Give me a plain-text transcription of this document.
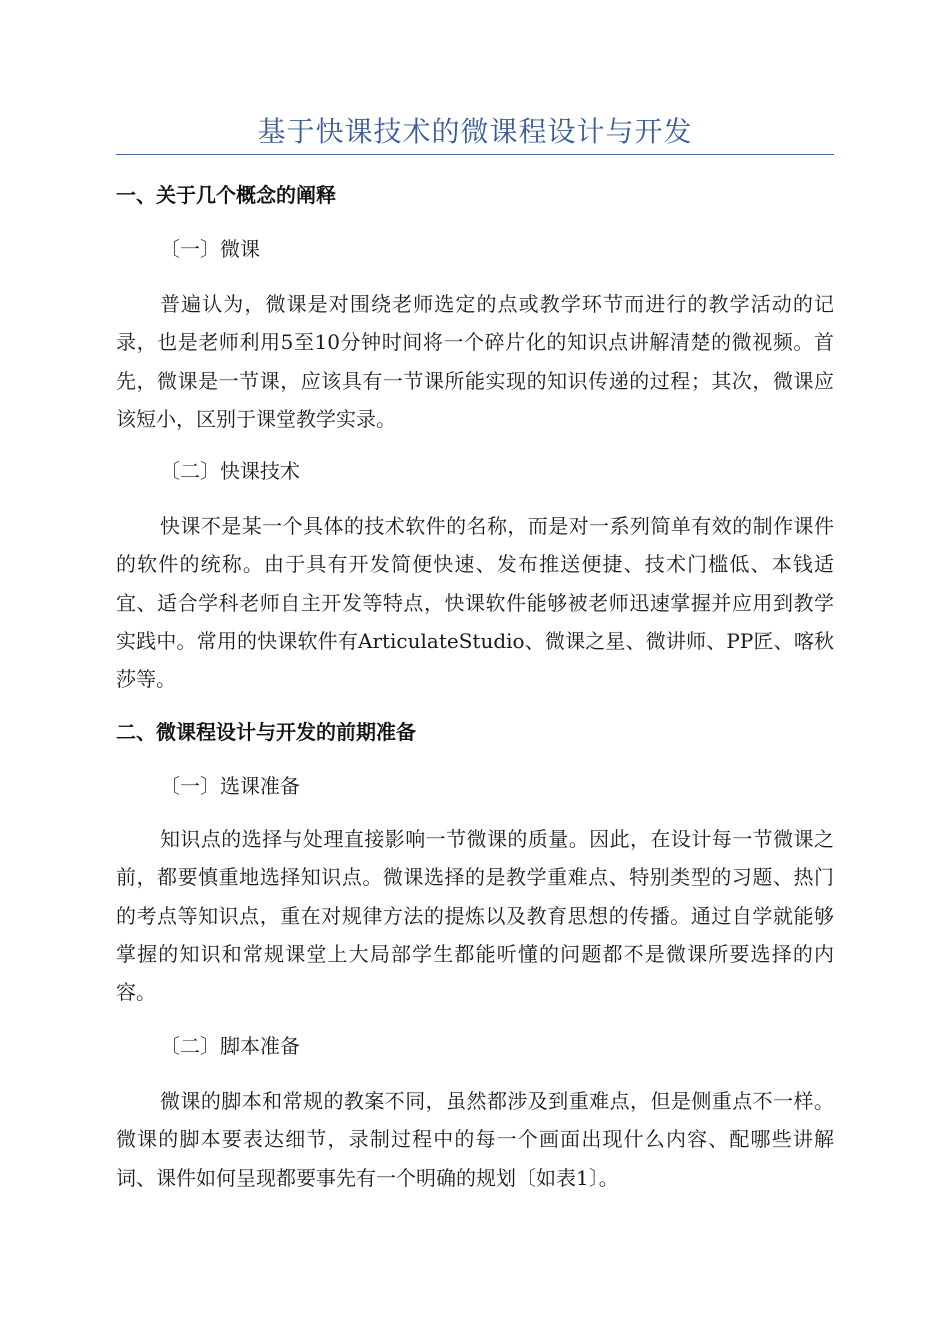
基于快课技术的微课程设计与开发
一、关于几个概念的阐释
〔一〕微课
普遍认为，微课是对围绕老师选定的点或教学环节而进行的教学活动的记录，也是老师利用5至10分钟时间将一个碎片化的知识点讲解清楚的微视频。首先，微课是一节课，应该具有一节课所能实现的知识传递的过程；其次，微课应该短小，区别于课堂教学实录。
〔二〕快课技术
快课不是某一个具体的技术软件的名称，而是对一系列简单有效的制作课件的软件的统称。由于具有开发简便快速、发布推送便捷、技术门槛低、本钱适宜、适合学科老师自主开发等特点，快课软件能够被老师迅速掌握并应用到教学实践中。常用的快课软件有ArticulateStudio、微课之星、微讲师、PP匠、喀秋莎等。
二、微课程设计与开发的前期准备
〔一〕选课准备
知识点的选择与处理直接影响一节微课的质量。因此，在设计每一节微课之前，都要慎重地选择知识点。微课选择的是教学重难点、特别类型的习题、热门的考点等知识点，重在对规律方法的提炼以及教育思想的传播。通过自学就能够掌握的知识和常规课堂上大局部学生都能听懂的问题都不是微课所要选择的内容。
〔二〕脚本准备
微课的脚本和常规的教案不同，虽然都涉及到重难点，但是侧重点不一样。微课的脚本要表达细节，录制过程中的每一个画面出现什么内容、配哪些讲解词、课件如何呈现都要事先有一个明确的规划〔如表1〕。
